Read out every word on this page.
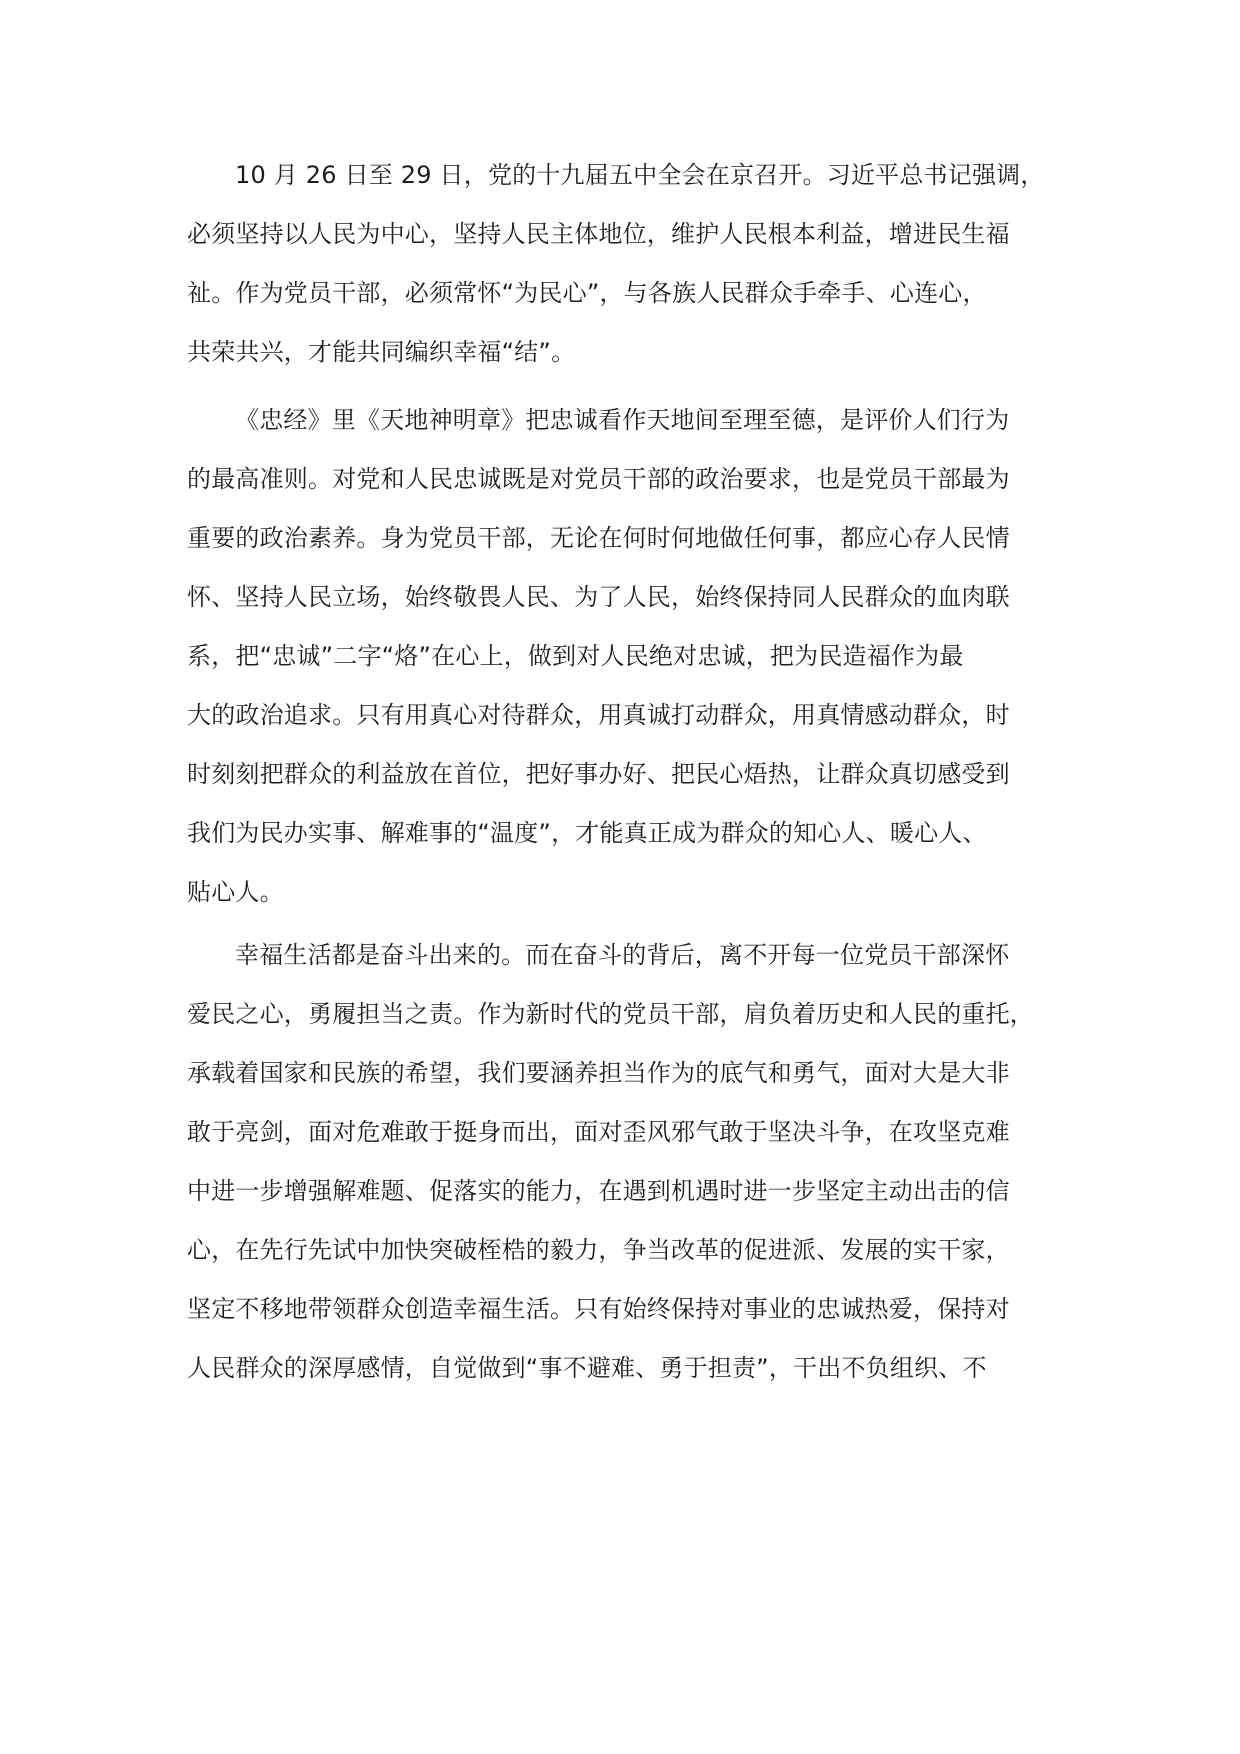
10 月 26 日至 29 日，党的十九届五中全会在京召开。习近平总书记强调，
必须坚持以人民为中心，坚持人民主体地位，维护人民根本利益，增进民生福
祉。作为党员干部，必须常怀“为民心”，与各族人民群众手牵手、心连心，
共荣共兴，才能共同编织幸福“结”。
《忠经》里《天地神明章》把忠诚看作天地间至理至德，是评价人们行为
的最高准则。对党和人民忠诚既是对党员干部的政治要求，也是党员干部最为
重要的政治素养。身为党员干部，无论在何时何地做任何事，都应心存人民情
怀、坚持人民立场，始终敬畏人民、为了人民，始终保持同人民群众的血肉联
系，把“忠诚”二字“烙”在心上，做到对人民绝对忠诚，把为民造福作为最
大的政治追求。只有用真心对待群众，用真诚打动群众，用真情感动群众，时
时刻刻把群众的利益放在首位，把好事办好、把民心焐热，让群众真切感受到
我们为民办实事、解难事的“温度”，才能真正成为群众的知心人、暖心人、
贴心人。
幸福生活都是奋斗出来的。而在奋斗的背后，离不开每一位党员干部深怀
爱民之心，勇履担当之责。作为新时代的党员干部，肩负着历史和人民的重托，
承载着国家和民族的希望，我们要涵养担当作为的底气和勇气，面对大是大非
敢于亮剑，面对危难敢于挺身而出，面对歪风邪气敢于坚决斗争，在攻坚克难
中进一步增强解难题、促落实的能力，在遇到机遇时进一步坚定主动出击的信
心，在先行先试中加快突破桎梏的毅力，争当改革的促进派、发展的实干家，
坚定不移地带领群众创造幸福生活。只有始终保持对事业的忠诚热爱，保持对
人民群众的深厚感情，自觉做到“事不避难、勇于担责”，干出不负组织、不
